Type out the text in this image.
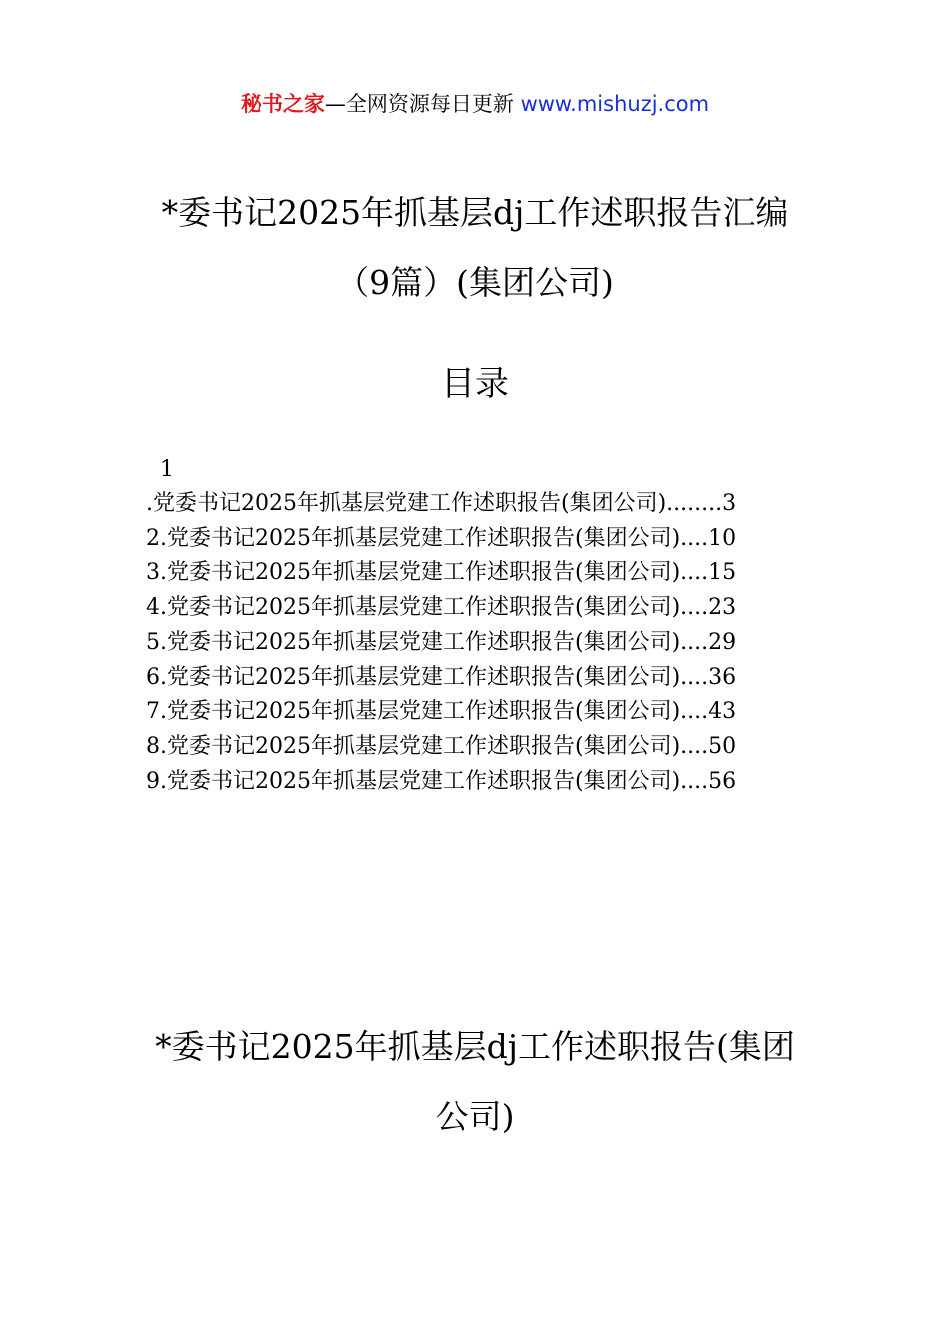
秘书之家—全网资源每日更新 www.mishuzj.com
*委书记2025年抓基层dj工作述职报告汇编（9篇）(集团公司)
目录
1
.党委书记2025年抓基层党建工作述职报告(集团公司)........3
2.党委书记2025年抓基层党建工作述职报告(集团公司)....10
3.党委书记2025年抓基层党建工作述职报告(集团公司)....15
4.党委书记2025年抓基层党建工作述职报告(集团公司)....23
5.党委书记2025年抓基层党建工作述职报告(集团公司)....29
6.党委书记2025年抓基层党建工作述职报告(集团公司)....36
7.党委书记2025年抓基层党建工作述职报告(集团公司)....43
8.党委书记2025年抓基层党建工作述职报告(集团公司)....50
9.党委书记2025年抓基层党建工作述职报告(集团公司)....56
*委书记2025年抓基层dj工作述职报告(集团公司)
